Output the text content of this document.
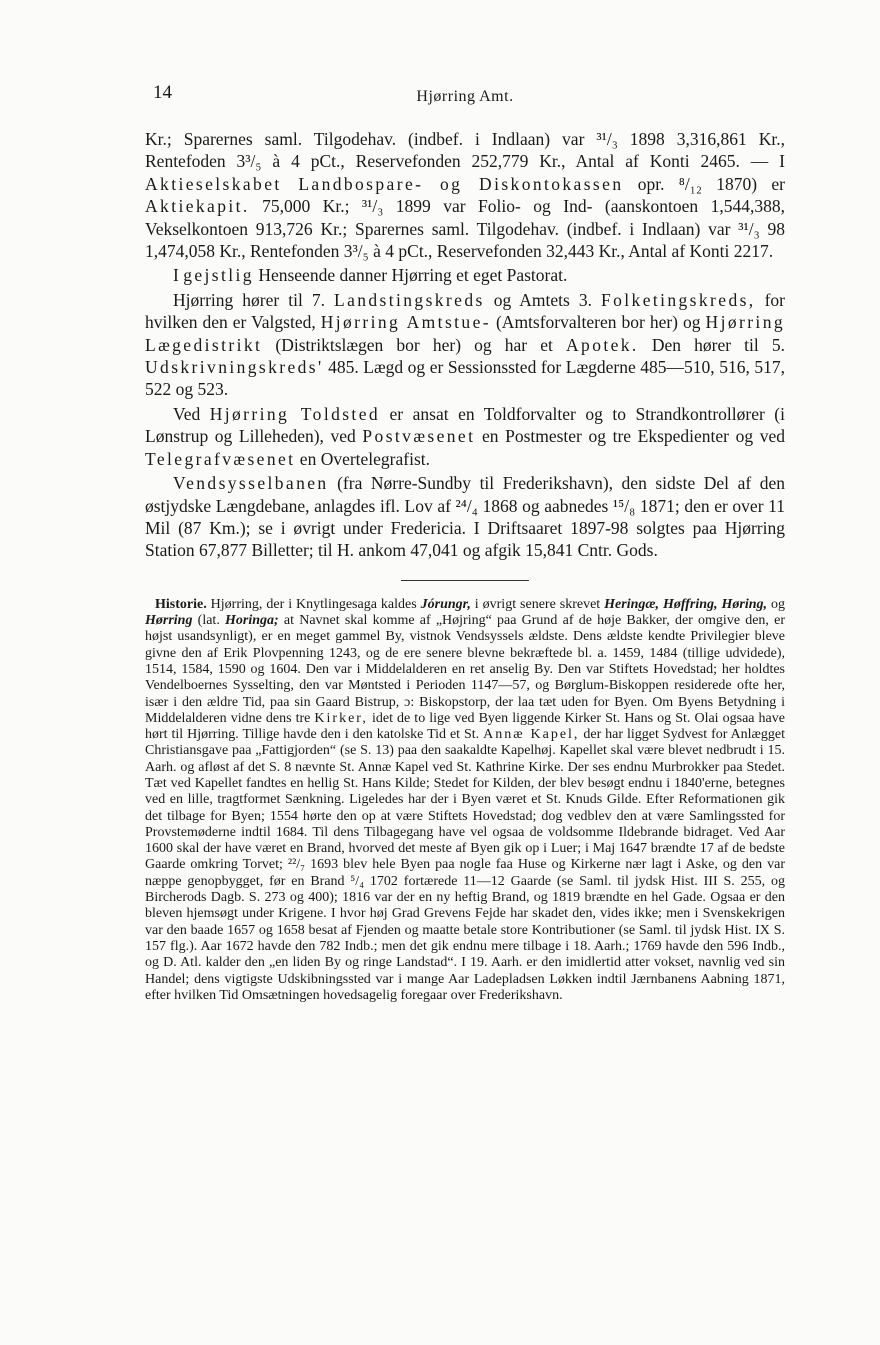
14	Hjørring Amt.

Kr.; Sparernes saml. Tilgodehav. (indbef. i Indlaan) var ³¹/₃ 1898 3,316,861 Kr., Rentefoden 3³/₅ à 4 pCt., Reservefonden 252,779 Kr., Antal af Konti 2465. — I Aktieselskabet Landbospare- og Diskontokassen opr. ⁸/₁₂ 1870) er Aktiekapit. 75,000 Kr.; ³¹/₃ 1899 var Folio- og Ind- (aanskontoen 1,544,388, Vekselkontoen 913,726 Kr.; Sparernes saml. Tilgodehav. (indbef. i Indlaan) var ³¹/₃ 98 1,474,058 Kr., Rentefonden 3³/₅ à 4 pCt., Reservefonden 32,443 Kr., Antal af Konti 2217.

I gejstlig Henseende danner Hjørring et eget Pastorat.

Hjørring hører til 7. Landstingskreds og Amtets 3. Folketingskreds, for hvilken den er Valgsted, Hjørring Amtstue- (Amtsforvalteren bor her) og Hjørring Lægedistrikt (Distriktslægen bor her) og har et Apotek. Den hører til 5. Udskrivningskreds' 485. Lægd og er Sessionssted for Lægderne 485—510, 516, 517, 522 og 523.

Ved Hjørring Toldsted er ansat en Toldforvalter og to Strandkontrollører (i Lønstrup og Lilleheden), ved Postvæsenet en Postmester og tre Ekspedienter og ved Telegrafvæsenet en Overtelegrafist.

Vendsysselbanen (fra Nørre-Sundby til Frederikshavn), den sidste Del af den østjydske Længdebane, anlagdes ifl. Lov af ²⁴/₄ 1868 og aabnedes ¹⁵/₈ 1871; den er over 11 Mil (87 Km.); se i øvrigt under Fredericia. I Driftsaaret 1897-98 solgtes paa Hjørring Station 67,877 Billetter; til H. ankom 47,041 og afgik 15,841 Cntr. Gods.

Historie. Hjørring, der i Knytlingesaga kaldes Jórungr, i øvrigt senere skrevet Heringæ, Høffring, Høring, og Hørring (lat. Horinga; at Navnet skal komme af „Højring“ paa Grund af de høje Bakker, der omgive den, er højst usandsynligt), er en meget gammel By, vistnok Vendsyssels ældste. Dens ældste kendte Privilegier bleve givne den af Erik Plovpenning 1243, og de ere senere blevne bekræftede bl. a. 1459, 1484 (tillige udvidede), 1514, 1584, 1590 og 1604. Den var i Middelalderen en ret anselig By. Den var Stiftets Hovedstad; her holdtes Vendelboernes Sysselting, den var Møntsted i Perioden 1147—57, og Børglum-Biskoppen residerede ofte her, især i den ældre Tid, paa sin Gaard Bistrup, ɔ: Biskopstorp, der laa tæt uden for Byen. Om Byens Betydning i Middelalderen vidne dens tre Kirker, idet de to lige ved Byen liggende Kirker St. Hans og St. Olai ogsaa have hørt til Hjørring. Tillige havde den i den katolske Tid et St. Annæ Kapel, der har ligget Sydvest for Anlægget Christiansgave paa „Fattigjorden“ (se S. 13) paa den saakaldte Kapelhøj. Kapellet skal være blevet nedbrudt i 15. Aarh. og afløst af det S. 8 nævnte St. Annæ Kapel ved St. Kathrine Kirke. Der ses endnu Murbrokker paa Stedet. Tæt ved Kapellet fandtes en hellig St. Hans Kilde; Stedet for Kilden, der blev besøgt endnu i 1840'erne, betegnes ved en lille, tragtformet Sænkning. Ligeledes har der i Byen været et St. Knuds Gilde. Efter Reformationen gik det tilbage for Byen; 1554 hørte den op at være Stiftets Hovedstad; dog vedblev den at være Samlingssted for Provstemøderne indtil 1684. Til dens Tilbagegang have vel ogsaa de voldsomme Ildebrande bidraget. Ved Aar 1600 skal der have været en Brand, hvorved det meste af Byen gik op i Luer; i Maj 1647 brændte 17 af de bedste Gaarde omkring Torvet; ²²/₇ 1693 blev hele Byen paa nogle faa Huse og Kirkerne nær lagt i Aske, og den var næppe genopbygget, før en Brand ⁵/₄ 1702 fortærede 11—12 Gaarde (se Saml. til jydsk Hist. III S. 255, og Bircherods Dagb. S. 273 og 400); 1816 var der en ny heftig Brand, og 1819 brændte en hel Gade. Ogsaa er den bleven hjemsøgt under Krigene. I hvor høj Grad Grevens Fejde har skadet den, vides ikke; men i Svenskekrigen var den baade 1657 og 1658 besat af Fjenden og maatte betale store Kontributioner (se Saml. til jydsk Hist. IX S. 157 flg.). Aar 1672 havde den 782 Indb.; men det gik endnu mere tilbage i 18. Aarh.; 1769 havde den 596 Indb., og D. Atl. kalder den „en liden By og ringe Landstad“. I 19. Aarh. er den imidlertid atter vokset, navnlig ved sin Handel; dens vigtigste Udskibningssted var i mange Aar Ladepladsen Løkken indtil Jærnbanens Aabning 1871, efter hvilken Tid Omsætningen hovedsagelig foregaar over Frederikshavn.
